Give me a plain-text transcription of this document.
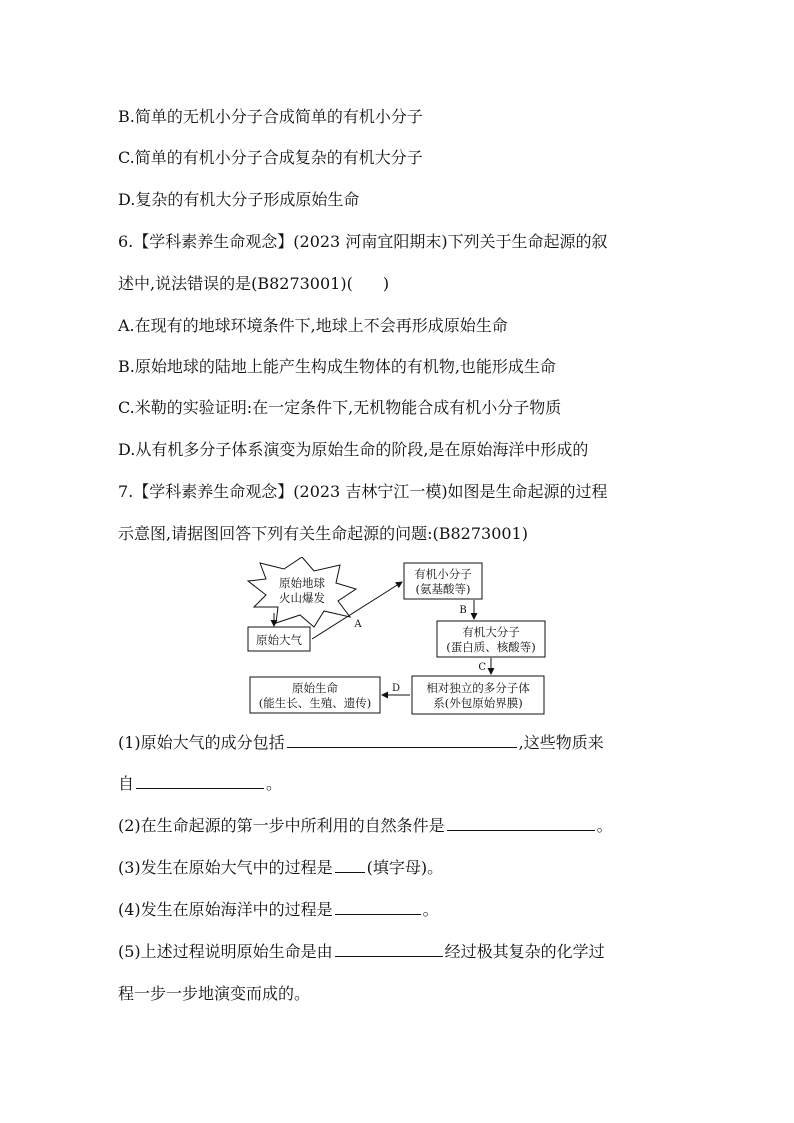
B.简单的无机小分子合成简单的有机小分子
C.简单的有机小分子合成复杂的有机大分子
D.复杂的有机大分子形成原始生命
6.【学科素养生命观念】(2023 河南宜阳期末)下列关于生命起源的叙
述中,说法错误的是(B8273001)( )
A.在现有的地球环境条件下,地球上不会再形成原始生命
B.原始地球的陆地上能产生构成生物体的有机物,也能形成生命
C.米勒的实验证明:在一定条件下,无机物能合成有机小分子物质
D.从有机多分子体系演变为原始生命的阶段,是在原始海洋中形成的
7.【学科素养生命观念】(2023 吉林宁江一模)如图是生命起源的过程
示意图,请据图回答下列有关生命起源的问题:(B8273001)
原始地球
火山爆发
原始大气
A
有机小分子
(氨基酸等)
B
有机大分子
(蛋白质、核酸等)
C
相对独立的多分子体
系(外包原始界膜)
D
原始生命
(能生长、生殖、遗传)
(1)原始大气的成分包括	,这些物质来
自	。
(2)在生命起源的第一步中所利用的自然条件是	。
(3)发生在原始大气中的过程是 (填字母)。
(4)发生在原始海洋中的过程是	。
(5)上述过程说明原始生命是由	经过极其复杂的化学过
程一步一步地演变而成的。
